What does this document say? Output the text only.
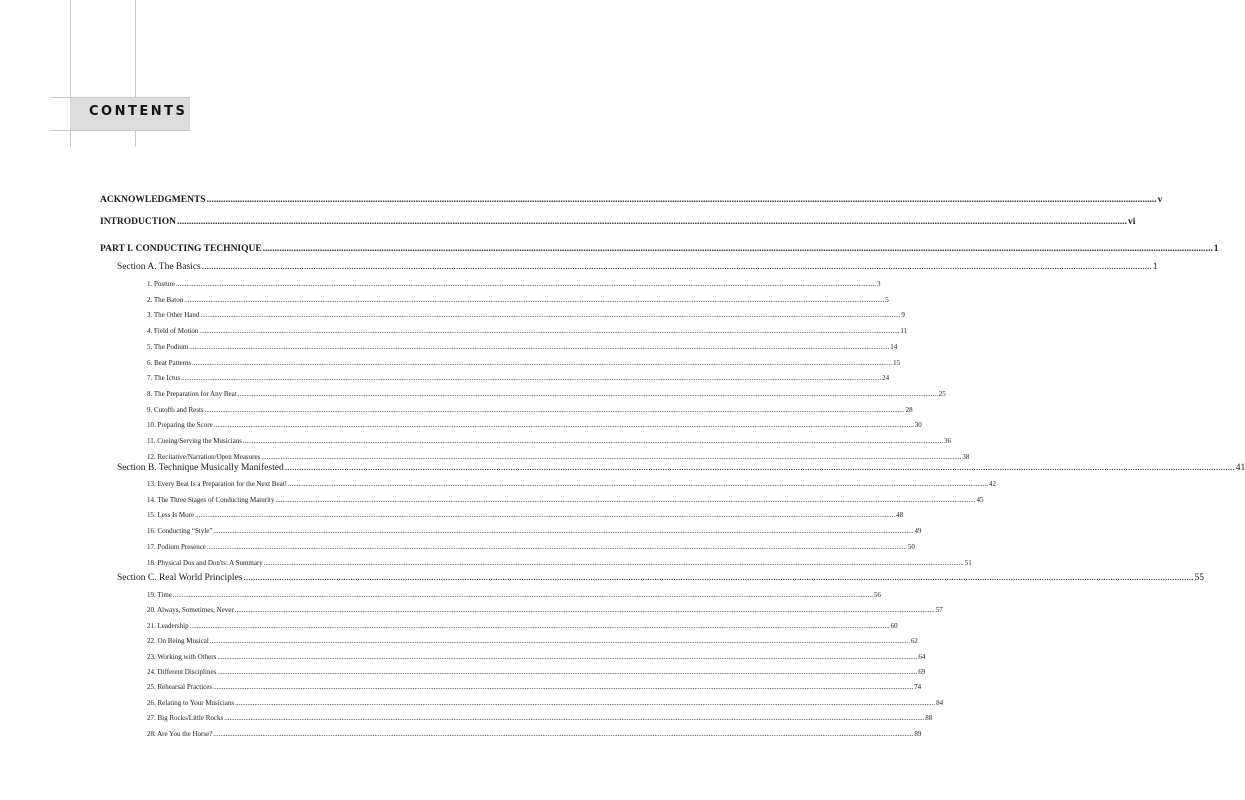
CONTENTS
ACKNOWLEDGMENTS ................................................................................................................................................................................................................................................................................................................................................................................................................ v
INTRODUCTION ................................................................................................................................................................................................................................................................................................................................................................................................................ vi
PART I. CONDUCTING TECHNIQUE ................................................................................................................................................................................................................................................................................................................................................................................................................ 1
Section A. The Basics ................................................................................................................................................................................................................................................................................................................................................................................................................ 1
1. Posture ................................................................................................................................................................................................................................................................................................................................................................................................................ 3
2. The Baton ................................................................................................................................................................................................................................................................................................................................................................................................................ 5
3. The Other Hand ................................................................................................................................................................................................................................................................................................................................................................................................................ 9
4. Field of Motion ................................................................................................................................................................................................................................................................................................................................................................................................................ 11
5. The Podium ................................................................................................................................................................................................................................................................................................................................................................................................................ 14
6. Beat Patterns ................................................................................................................................................................................................................................................................................................................................................................................................................ 15
7. The Ictus ................................................................................................................................................................................................................................................................................................................................................................................................................ 24
8. The Preparation for Any Beat ................................................................................................................................................................................................................................................................................................................................................................................................................ 25
9. Cutoffs and Rests ................................................................................................................................................................................................................................................................................................................................................................................................................ 28
10. Preparing the Score ................................................................................................................................................................................................................................................................................................................................................................................................................ 30
11. Cueing/Serving the Musicians ................................................................................................................................................................................................................................................................................................................................................................................................................ 36
12. Recitative/Narration/Open Measures ................................................................................................................................................................................................................................................................................................................................................................................................................ 38
Section B. Technique Musically Manifested ................................................................................................................................................................................................................................................................................................................................................................................................................ 41
13. Every Beat Is a Preparation for the Next Beat! ................................................................................................................................................................................................................................................................................................................................................................................................................ 42
14. The Three Stages of Conducting Maturity ................................................................................................................................................................................................................................................................................................................................................................................................................ 45
15. Less Is More ................................................................................................................................................................................................................................................................................................................................................................................................................ 48
16. Conducting “Style” ................................................................................................................................................................................................................................................................................................................................................................................................................ 49
17. Podium Presence ................................................................................................................................................................................................................................................................................................................................................................................................................ 50
18. Physical Dos and Don'ts: A Summary ................................................................................................................................................................................................................................................................................................................................................................................................................ 51
Section C. Real World Principles ................................................................................................................................................................................................................................................................................................................................................................................................................ 55
19. Time ................................................................................................................................................................................................................................................................................................................................................................................................................ 56
20. Always, Sometimes, Never ................................................................................................................................................................................................................................................................................................................................................................................................................ 57
21. Leadership ................................................................................................................................................................................................................................................................................................................................................................................................................ 60
22. On Being Musical ................................................................................................................................................................................................................................................................................................................................................................................................................ 62
23. Working with Others ................................................................................................................................................................................................................................................................................................................................................................................................................ 64
24. Different Disciplines ................................................................................................................................................................................................................................................................................................................................................................................................................ 69
25. Rehearsal Practices ................................................................................................................................................................................................................................................................................................................................................................................................................ 74
26. Relating to Your Musicians ................................................................................................................................................................................................................................................................................................................................................................................................................ 84
27. Big Rocks/Little Rocks ................................................................................................................................................................................................................................................................................................................................................................................................................ 88
28. Are You the Horse? ................................................................................................................................................................................................................................................................................................................................................................................................................ 89
